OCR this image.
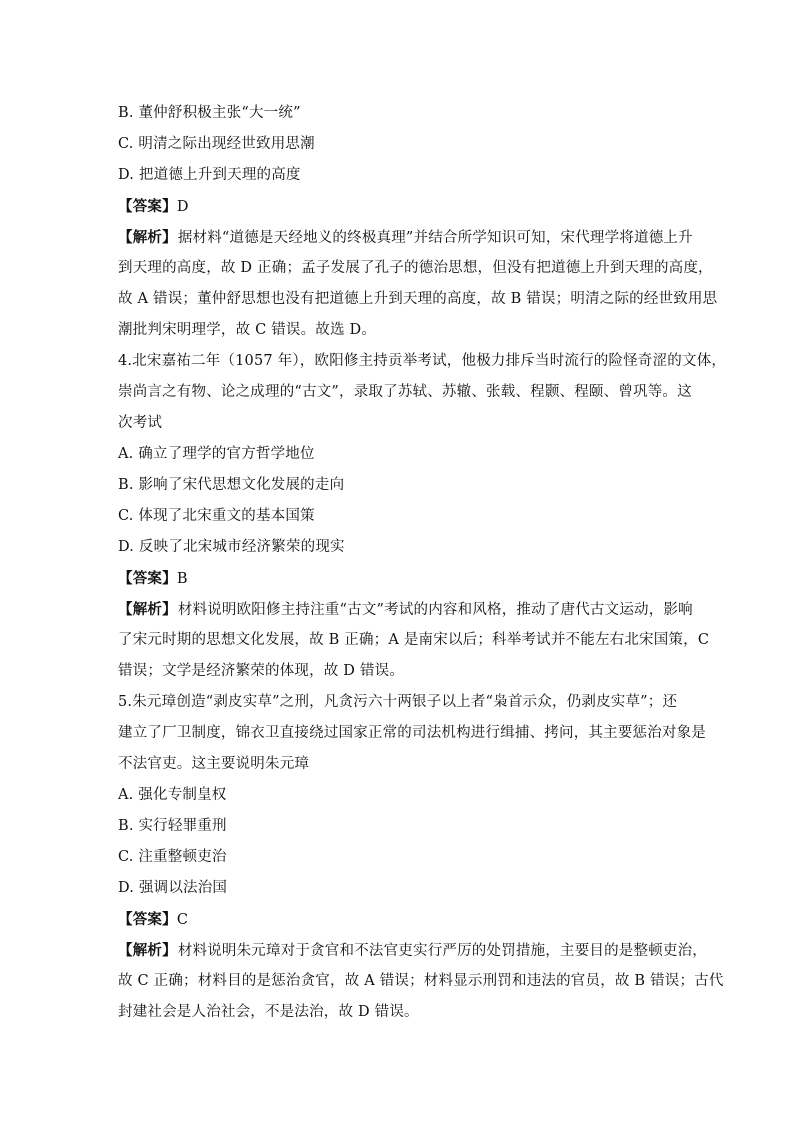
B. 董仲舒积极主张“大一统”
C. 明清之际出现经世致用思潮
D. 把道德上升到天理的高度
【答案】D
【解析】据材料“道德是天经地义的终极真理”并结合所学知识可知，宋代理学将道德上升
到天理的高度，故 D 正确；孟子发展了孔子的德治思想，但没有把道德上升到天理的高度，
故 A 错误；董仲舒思想也没有把道德上升到天理的高度，故 B 错误；明清之际的经世致用思
潮批判宋明理学，故 C 错误。故选 D。
4.北宋嘉祐二年（1057 年），欧阳修主持贡举考试，他极力排斥当时流行的险怪奇涩的文体，
崇尚言之有物、论之成理的“古文”，录取了苏轼、苏辙、张载、程颢、程颐、曾巩等。这
次考试
A. 确立了理学的官方哲学地位
B. 影响了宋代思想文化发展的走向
C. 体现了北宋重文的基本国策
D. 反映了北宋城市经济繁荣的现实
【答案】B
【解析】材料说明欧阳修主持注重“古文”考试的内容和风格，推动了唐代古文运动，影响
了宋元时期的思想文化发展，故 B 正确；A 是南宋以后；科举考试并不能左右北宋国策，C
错误；文学是经济繁荣的体现，故 D 错误。
5.朱元璋创造“剥皮实草”之刑，凡贪污六十两银子以上者“枭首示众，仍剥皮实草”；还
建立了厂卫制度，锦衣卫直接绕过国家正常的司法机构进行缉捕、拷问，其主要惩治对象是
不法官吏。这主要说明朱元璋
A. 强化专制皇权
B. 实行轻罪重刑
C. 注重整顿吏治
D. 强调以法治国
【答案】C
【解析】材料说明朱元璋对于贪官和不法官吏实行严厉的处罚措施，主要目的是整顿吏治，
故 C 正确；材料目的是惩治贪官，故 A 错误；材料显示刑罚和违法的官员，故 B 错误；古代
封建社会是人治社会，不是法治，故 D 错误。
